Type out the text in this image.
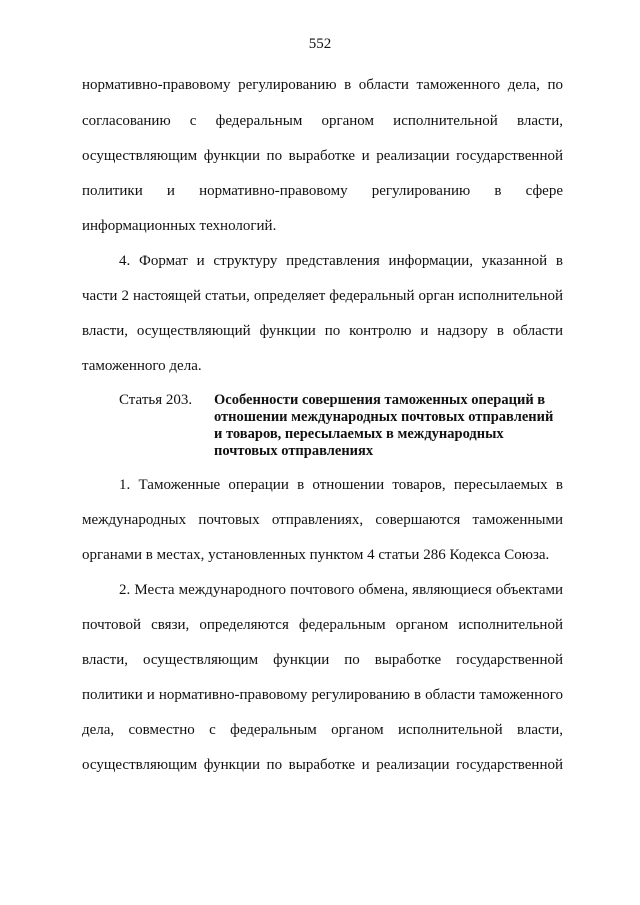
552
нормативно-правовому регулированию в области таможенного дела, по
согласованию с федеральным органом исполнительной власти,
осуществляющим функции по выработке и реализации государственной
политики и нормативно-правовому регулированию в сфере
информационных технологий.
4. Формат и структуру представления информации, указанной в
части 2 настоящей статьи, определяет федеральный орган исполнительной
власти, осуществляющий функции по контролю и надзору в области
таможенного дела.
Статья 203. Особенности совершения таможенных операций в
отношении международных почтовых отправлений
и товаров, пересылаемых в международных
почтовых отправлениях
1. Таможенные операции в отношении товаров, пересылаемых в
международных почтовых отправлениях, совершаются таможенными
органами в местах, установленных пунктом 4 статьи 286 Кодекса Союза.
2. Места международного почтового обмена, являющиеся объектами
почтовой связи, определяются федеральным органом исполнительной
власти, осуществляющим функции по выработке государственной
политики и нормативно-правовому регулированию в области таможенного
дела, совместно с федеральным органом исполнительной власти,
осуществляющим функции по выработке и реализации государственной
